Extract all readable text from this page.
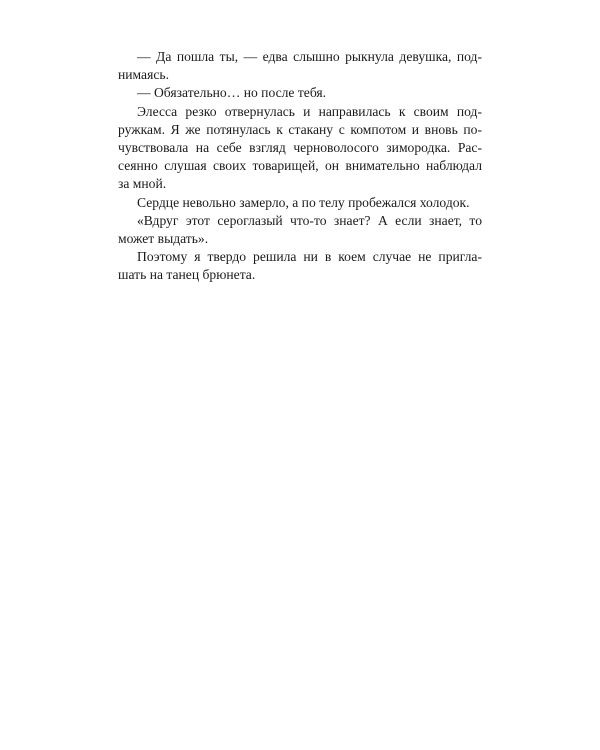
— Да пошла ты, — едва слышно рыкнула девушка, под-
нимаясь.
— Обязательно… но после тебя.
Элесса резко отвернулась и направилась к своим под-
ружкам. Я же потянулась к стакану с компотом и вновь по-
чувствовала на себе взгляд черноволосого зимородка. Рас-
сеянно слушая своих товарищей, он внимательно наблюдал
за мной.
Сердце невольно замерло, а по телу пробежался холодок.
«Вдруг этот сероглазый что-то знает? А если знает, то
может выдать».
Поэтому я твердо решила ни в коем случае не пригла-
шать на танец брюнета.
